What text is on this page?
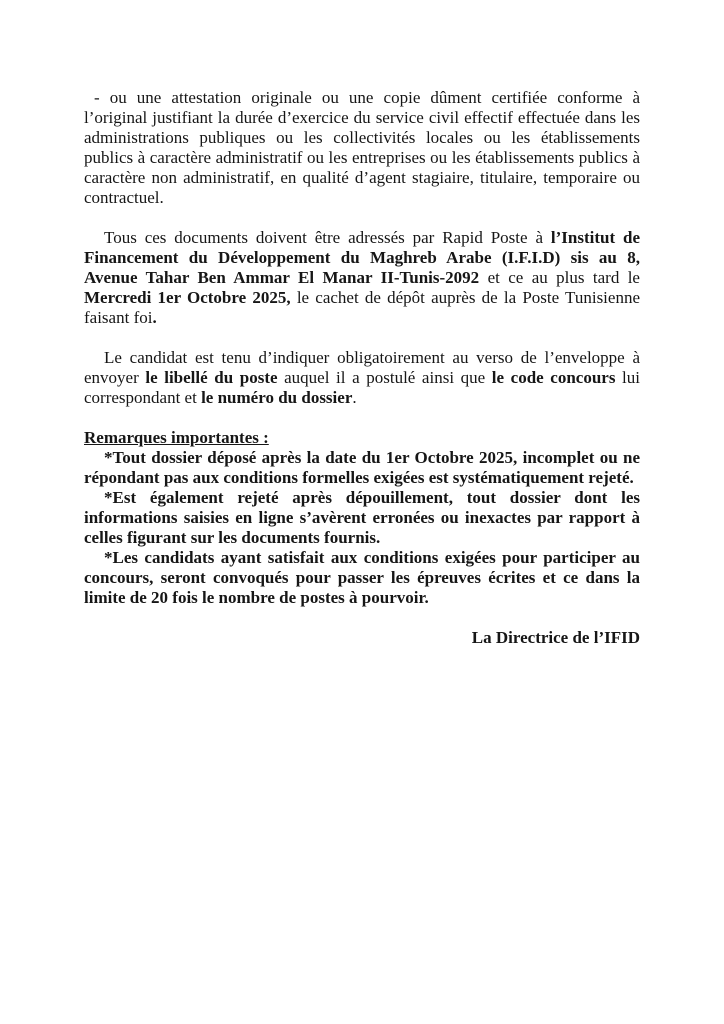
- ou une attestation originale ou une copie dûment certifiée conforme à l’original justifiant la durée d’exercice du service civil effectif effectuée dans les administrations publiques ou les collectivités locales ou les établissements publics à caractère administratif ou les entreprises ou les établissements publics à caractère non administratif, en qualité d’agent stagiaire, titulaire, temporaire ou contractuel.

Tous ces documents doivent être adressés par Rapid Poste à l’Institut de Financement du Développement du Maghreb Arabe (I.F.I.D) sis au 8, Avenue Tahar Ben Ammar El Manar II-Tunis-2092 et ce au plus tard le Mercredi 1er Octobre 2025, le cachet de dépôt auprès de la Poste Tunisienne faisant foi.

Le candidat est tenu d’indiquer obligatoirement au verso de l’enveloppe à envoyer le libellé du poste auquel il a postulé ainsi que le code concours lui correspondant et le numéro du dossier.

Remarques importantes :

*Tout dossier déposé après la date du 1er Octobre 2025, incomplet ou ne répondant pas aux conditions formelles exigées est systématiquement rejeté.

*Est également rejeté après dépouillement, tout dossier dont les informations saisies en ligne s’avèrent erronées ou inexactes par rapport à celles figurant sur les documents fournis.

*Les candidats ayant satisfait aux conditions exigées pour participer au concours, seront convoqués pour passer les épreuves écrites et ce dans la limite de 20 fois le nombre de postes à pourvoir.

La Directrice de l’IFID
